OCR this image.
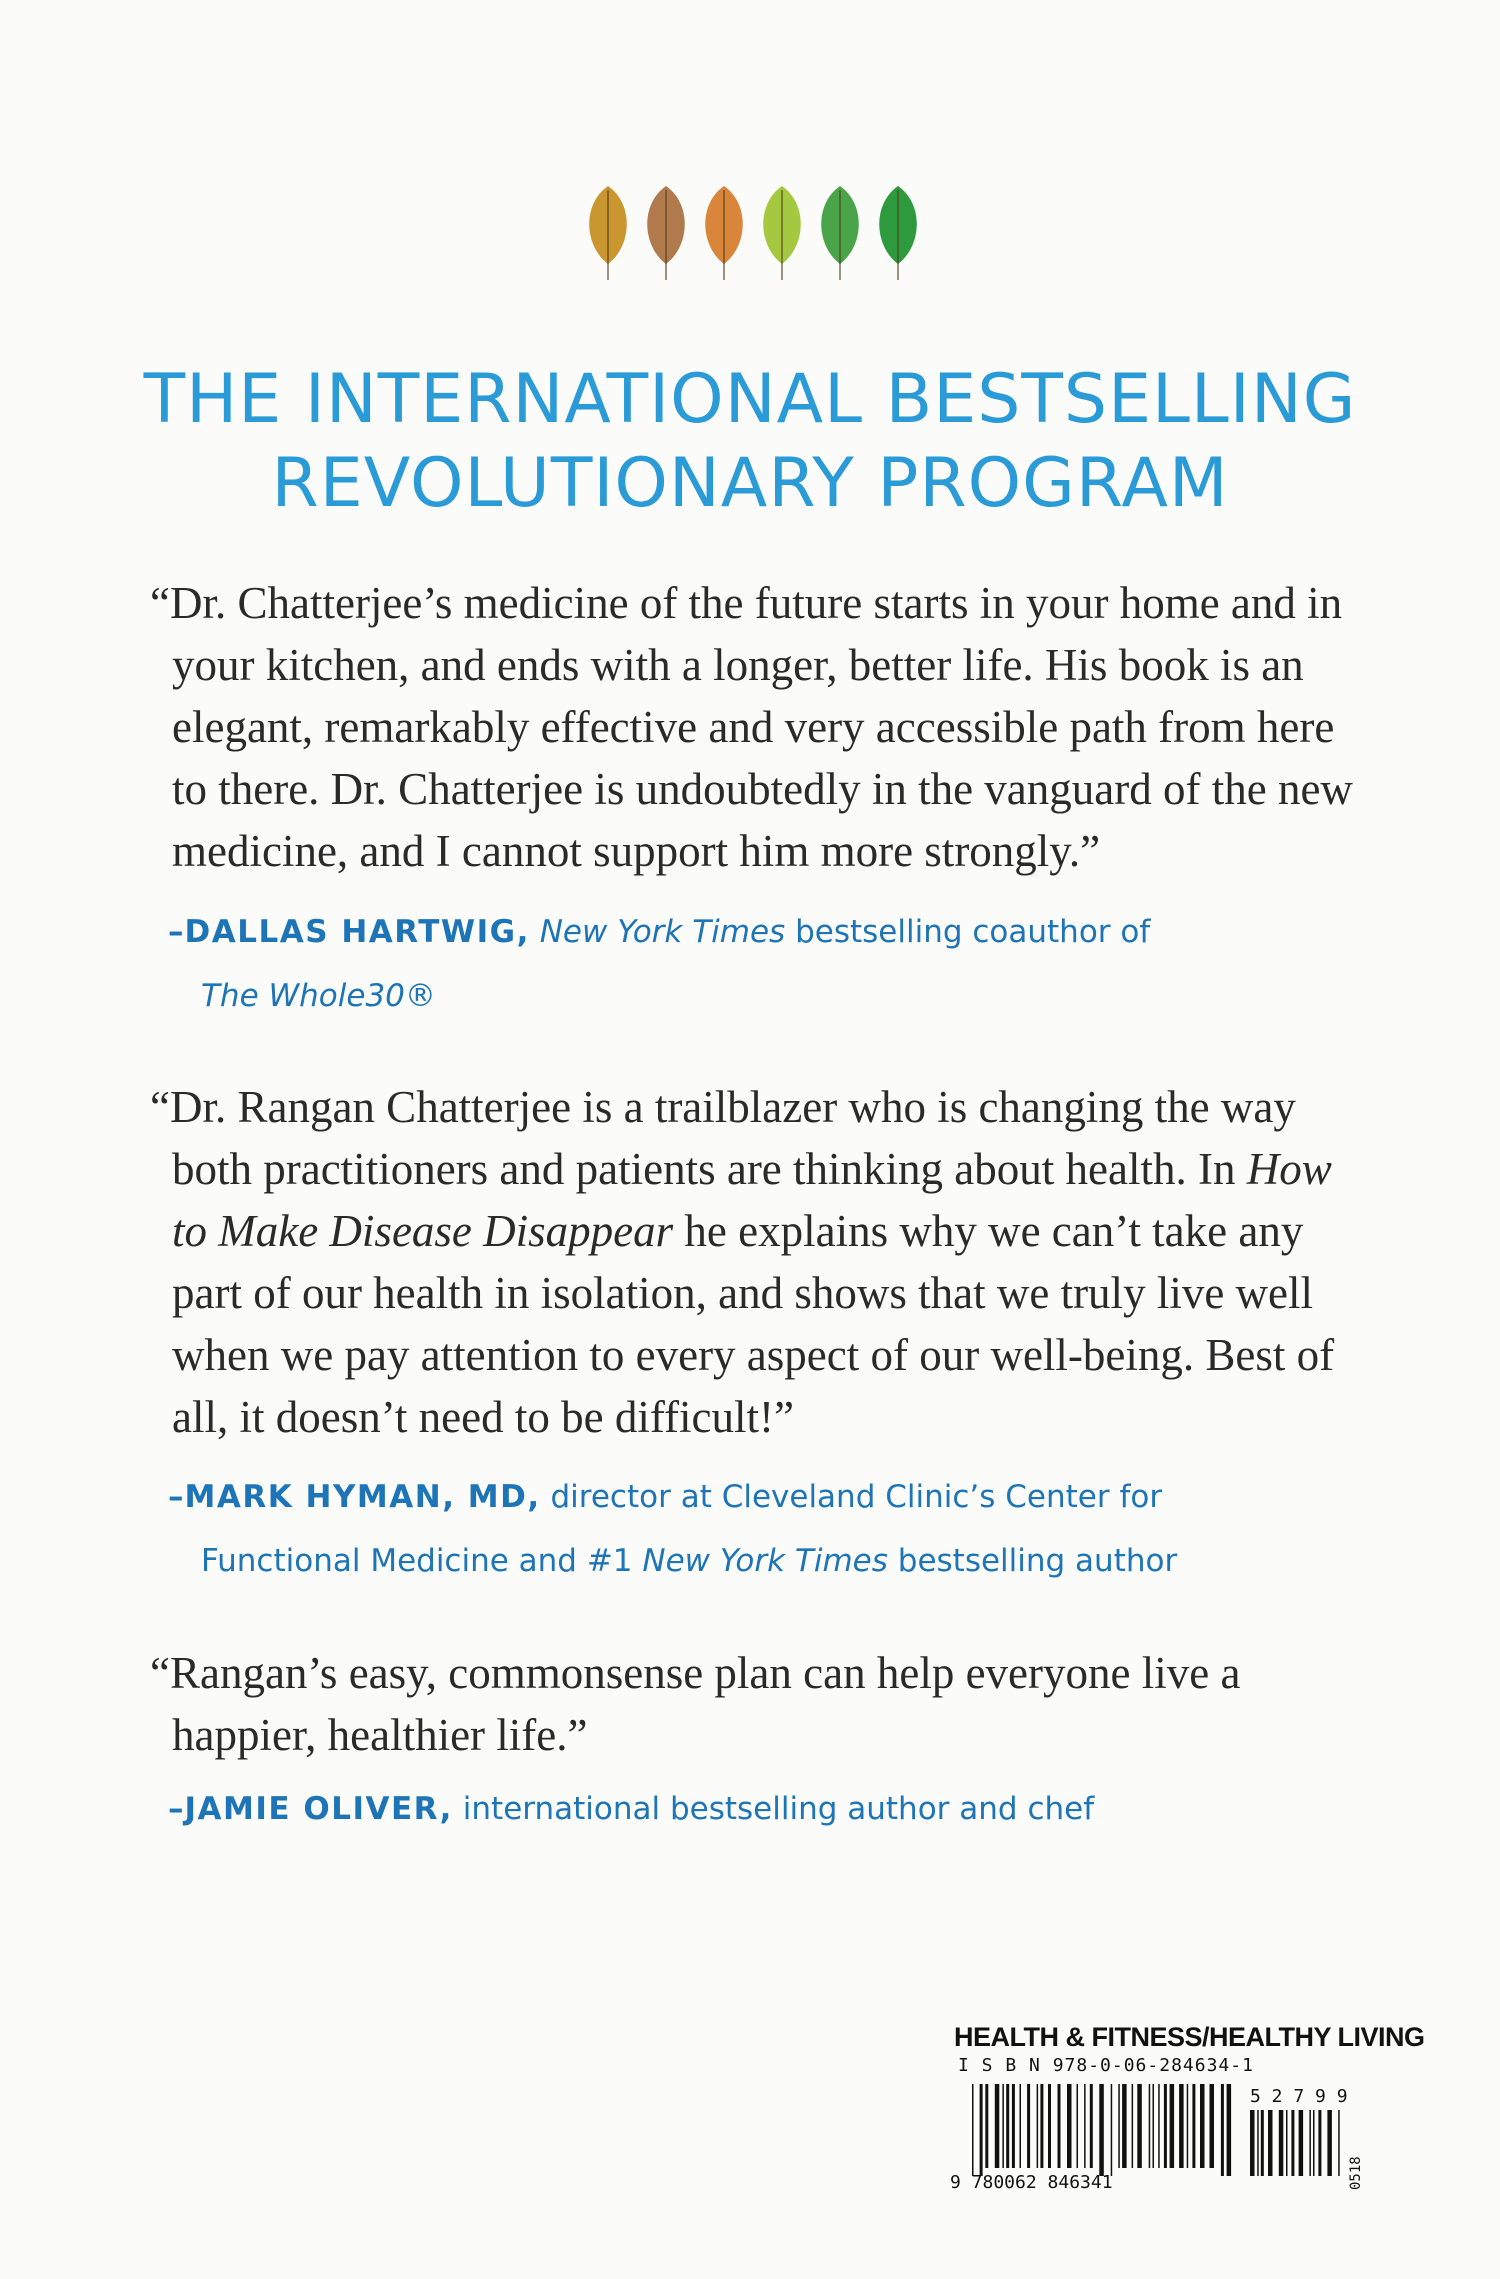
THE INTERNATIONAL BESTSELLING
REVOLUTIONARY PROGRAM

“Dr. Chatterjee’s medicine of the future starts in your home and in your kitchen, and ends with a longer, better life. His book is an elegant, remarkably effective and very accessible path from here to there. Dr. Chatterjee is undoubtedly in the vanguard of the new medicine, and I cannot support him more strongly.”

–DALLAS HARTWIG, New York Times bestselling coauthor of
The Whole30®

“Dr. Rangan Chatterjee is a trailblazer who is changing the way both practitioners and patients are thinking about health. In How to Make Disease Disappear he explains why we can’t take any part of our health in isolation, and shows that we truly live well when we pay attention to every aspect of our well-being. Best of all, it doesn’t need to be difficult!”

–MARK HYMAN, MD, director at Cleveland Clinic’s Center for
Functional Medicine and #1 New York Times bestselling author

“Rangan’s easy, commonsense plan can help everyone live a happier, healthier life.”

–JAMIE OLIVER, international bestselling author and chef
HEALTH & FITNESS/HEALTHY LIVING
I S B N 978-0-06-284634-1
9 780062 846341
5 2 7 9 9
0518
